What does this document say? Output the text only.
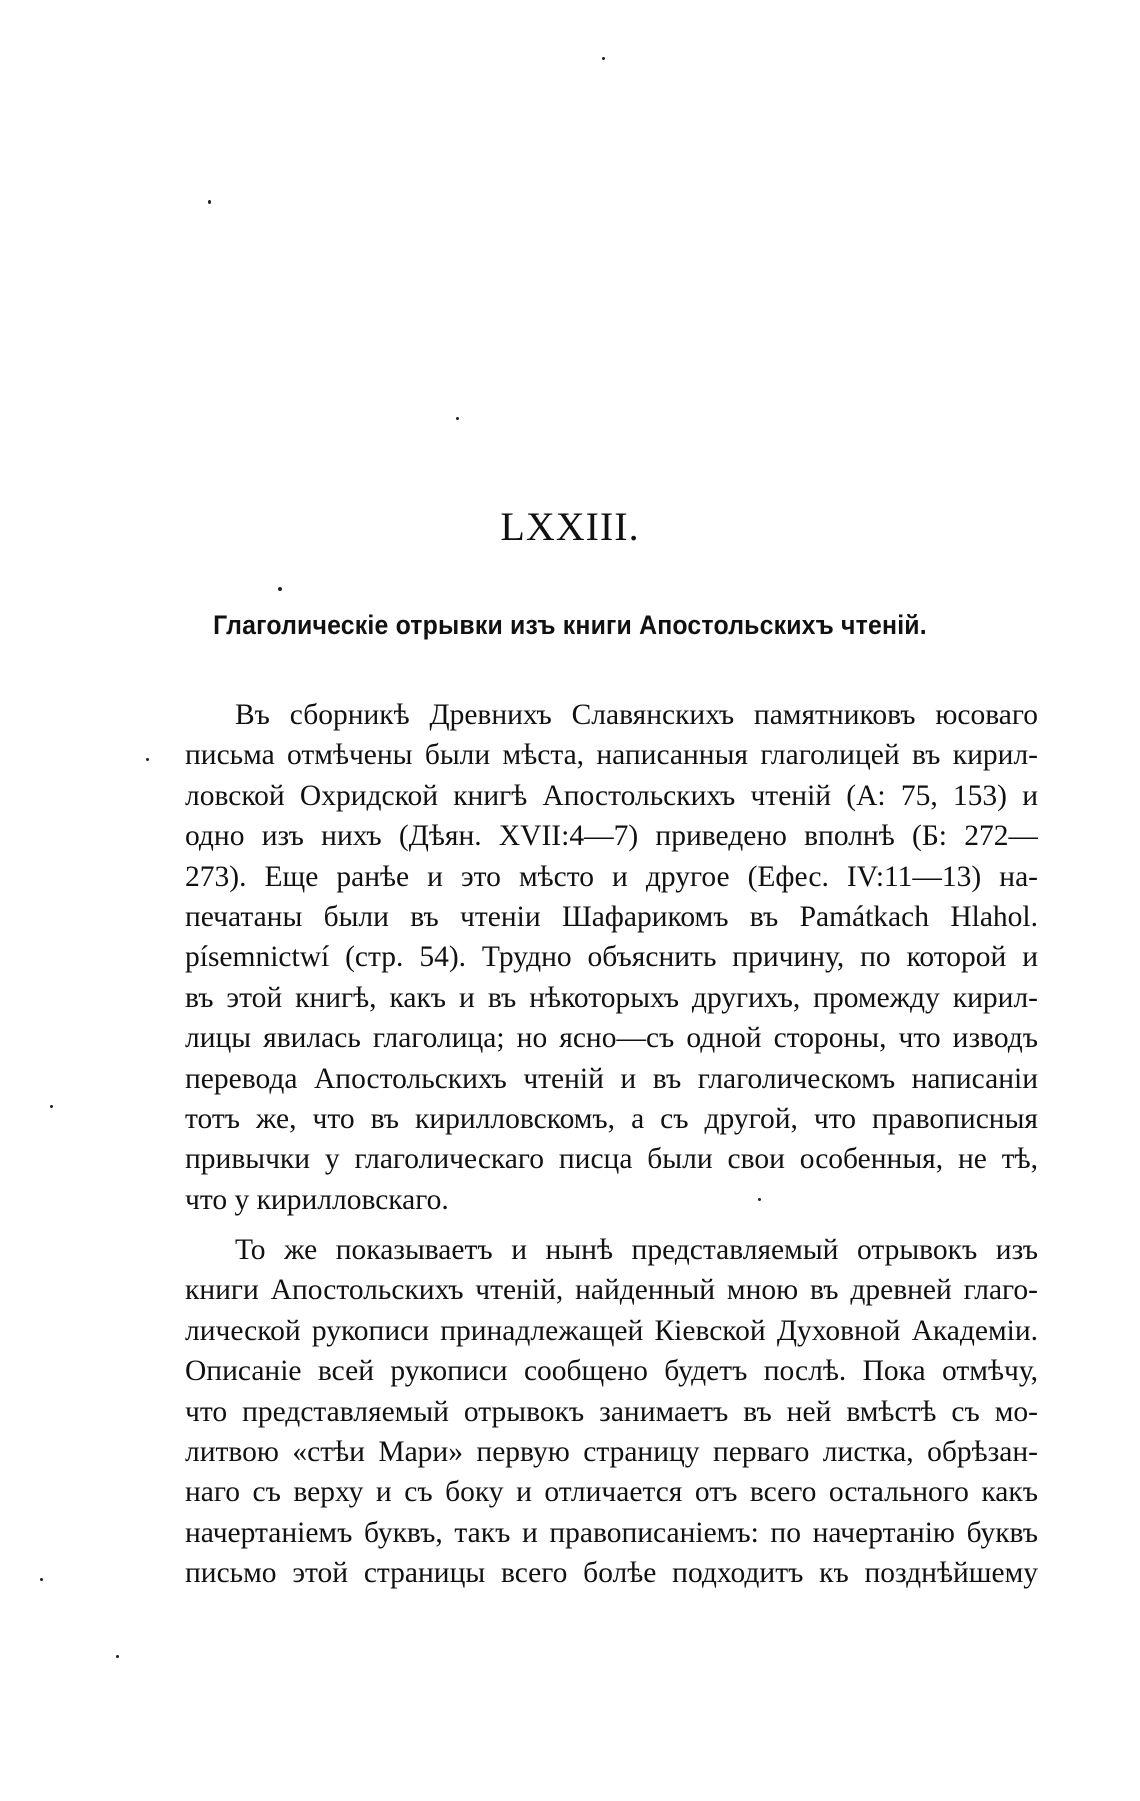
LXXIII.
Глаголическіе отрывки изъ книги Апостольскихъ чтеній.
Въ сборникѣ Древнихъ Славянскихъ памятниковъ юсоваго
письма отмѣчены были мѣста, написанныя глаголицей въ кирил-
ловской Охридской книгѣ Апостольскихъ чтеній (А: 75, 153) и
одно изъ нихъ (Дѣян. XVII:4—7) приведено вполнѣ (Б: 272—
273). Еще ранѣе и это мѣсто и другое (Ефес. IV:11—13) на-
печатаны были въ чтеніи Шафарикомъ въ Památkach Hlahol.
písemnictwí (стр. 54). Трудно объяснить причину, по которой и
въ этой книгѣ, какъ и въ нѣкоторыхъ другихъ, промежду кирил-
лицы явилась глаголица; но ясно—съ одной стороны, что изводъ
перевода Апостольскихъ чтеній и въ глаголическомъ написаніи
тотъ же, что въ кирилловскомъ, а съ другой, что правописныя
привычки у глаголическаго писца были свои особенныя, не тѣ,
что у кирилловскаго.
То же показываетъ и нынѣ представляемый отрывокъ изъ
книги Апостольскихъ чтеній, найденный мною въ древней глаго-
лической рукописи принадлежащей Кіевской Духовной Академіи.
Описаніе всей рукописи сообщено будетъ послѣ. Пока отмѣчу,
что представляемый отрывокъ занимаетъ въ ней вмѣстѣ съ мо-
литвою «стѣи Мари» первую страницу перваго листка, обрѣзан-
наго съ верху и съ боку и отличается отъ всего остального какъ
начертаніемъ буквъ, такъ и правописаніемъ: по начертанію буквъ
письмо этой страницы всего болѣе подходитъ къ позднѣйшему
